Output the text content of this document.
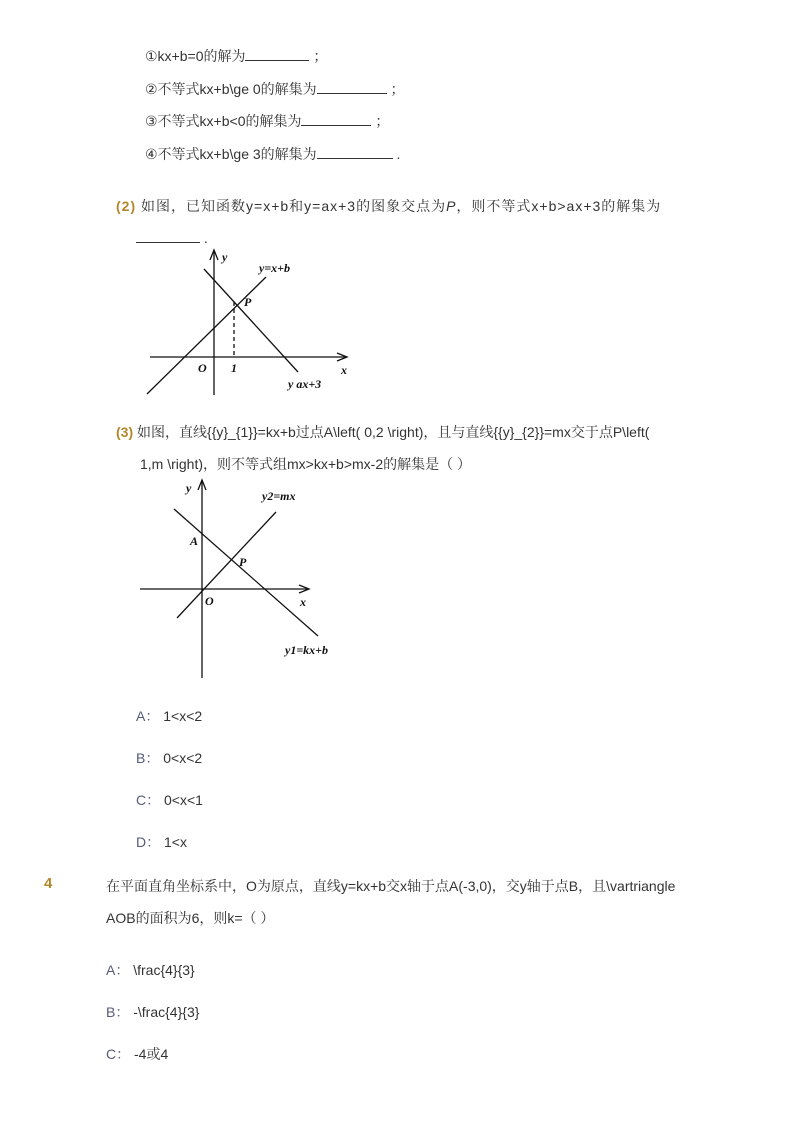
①kx+b=0的解为	；
②不等式kx+b\ge 0的解集为	；
③不等式kx+b<0的解集为	；
④不等式kx+b\ge 3的解集为	.
(2) 如图，已知函数y=x+b和y=ax+3的图象交点为P，则不等式x+b>ax+3的解集为
.
y
x
O 1
P
y=x+b
y ax+3
(3) 如图，直线{{y}_{1}}=kx+b过点A\left( 0,2 \right)，且与直线{{y}_{2}}=mx交于点P\left(
1,m \right)，则不等式组mx>kx+b>mx-2的解集是（ ）
y
x
O
A
P
y2=mx
y1=kx+b
A： 1<x<2
B： 0<x<2
C： 0<x<1
D： 1<x
4	在平面直角坐标系中，O为原点，直线y=kx+b交x轴于点A(-3,0)，交y轴于点B，且\vartriangle
AOB的面积为6，则k=（ ）
A： \frac{4}{3}
B： -\frac{4}{3}
C： -4或4
